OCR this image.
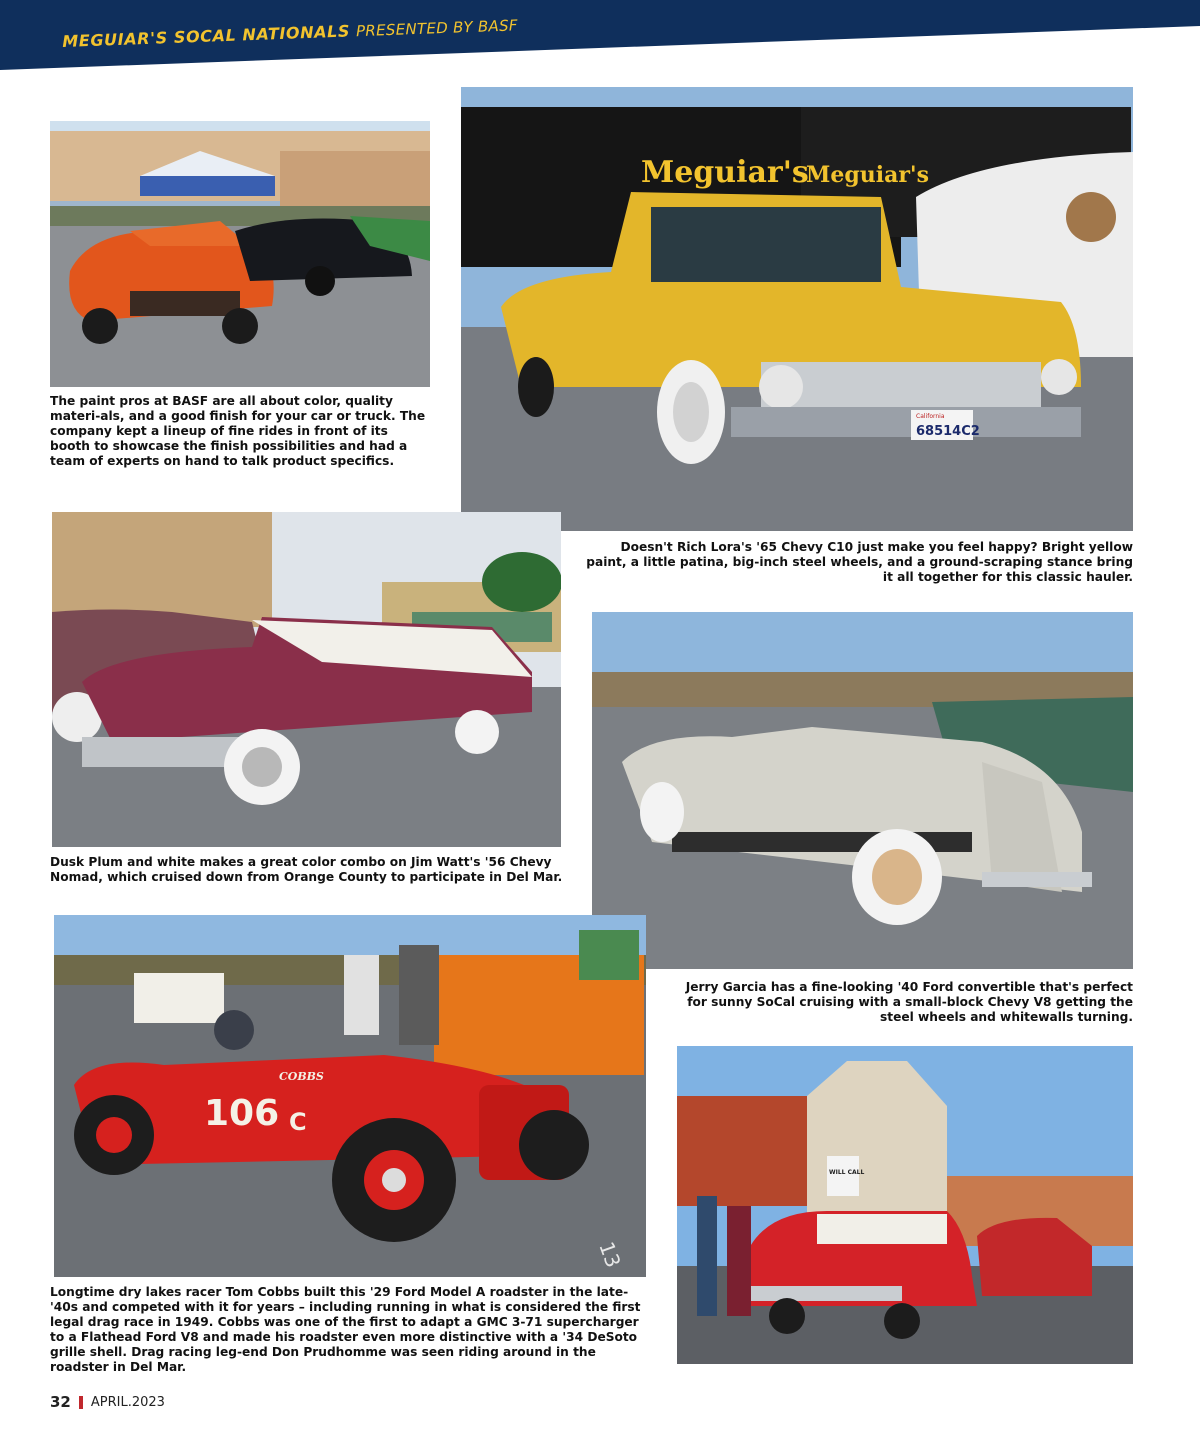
MEGUIAR'S SOCAL NATIONALS PRESENTED BY BASF
The paint pros at BASF are all about color, quality materi-als, and a good finish for your car or truck. The company kept a lineup of fine rides in front of its booth to showcase the finish possibilities and had a team of experts on hand to talk product specifics.
Meguiar's
Meguiar's
California
68514C2
Doesn't Rich Lora's '65 Chevy C10 just make you feel happy? Bright yellow paint, a little patina, big-inch steel wheels, and a ground-scraping stance bring it all together for this classic hauler.
Dusk Plum and white makes a great color combo on Jim Watt's '56 Chevy Nomad, which cruised down from Orange County to participate in Del Mar.
Jerry Garcia has a fine-looking '40 Ford convertible that's perfect for sunny SoCal cruising with a small-block Chevy V8 getting the steel wheels and whitewalls turning.
106 C
COBBS
13
Longtime dry lakes racer Tom Cobbs built this '29 Ford Model A roadster in the late-'40s and competed with it for years – including running in what is considered the first legal drag race in 1949. Cobbs was one of the first to adapt a GMC 3-71 supercharger to a Flathead Ford V8 and made his roadster even more distinctive with a '34 DeSoto grille shell. Drag racing leg-end Don Prudhomme was seen riding around in the roadster in Del Mar.
WILL CALL
32 APRIL.2023
